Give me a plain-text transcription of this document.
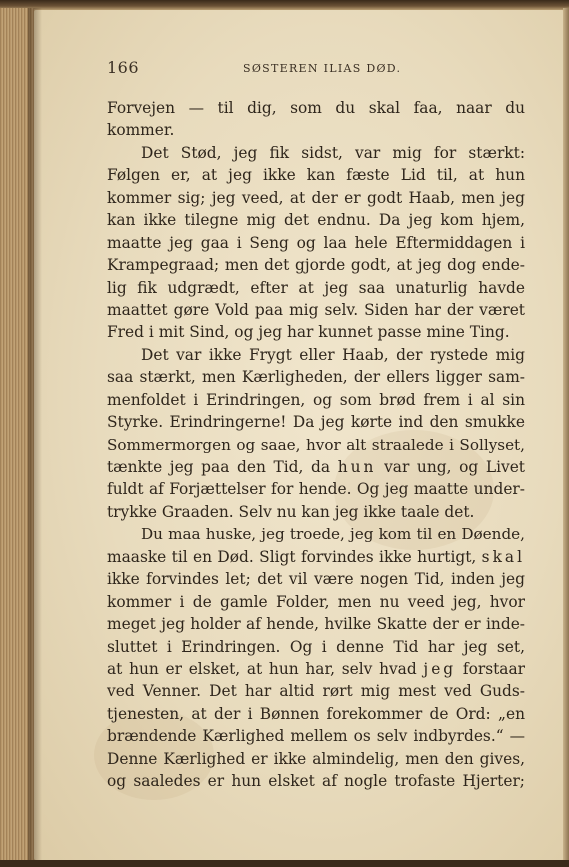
166	SØSTEREN ILIAS DØD.
Forvejen — til dig, som du skal faa, naar du
kommer.
Det Stød, jeg fik sidst, var mig for stærkt:
Følgen er, at jeg ikke kan fæste Lid til, at hun
kommer sig; jeg veed, at der er godt Haab, men jeg
kan ikke tilegne mig det endnu. Da jeg kom hjem,
maatte jeg gaa i Seng og laa hele Eftermiddagen i
Krampegraad; men det gjorde godt, at jeg dog ende-
lig fik udgrædt, efter at jeg saa unaturlig havde
maattet gøre Vold paa mig selv. Siden har der været
Fred i mit Sind, og jeg har kunnet passe mine Ting.
Det var ikke Frygt eller Haab, der rystede mig
saa stærkt, men Kærligheden, der ellers ligger sam-
menfoldet i Erindringen, og som brød frem i al sin
Styrke. Erindringerne! Da jeg kørte ind den smukke
Sommermorgen og saae, hvor alt straalede i Sollyset,
tænkte jeg paa den Tid, da hun var ung, og Livet
fuldt af Forjættelser for hende. Og jeg maatte under-
trykke Graaden. Selv nu kan jeg ikke taale det.
Du maa huske, jeg troede, jeg kom til en Døende,
maaske til en Død. Sligt forvindes ikke hurtigt, skal
ikke forvindes let; det vil være nogen Tid, inden jeg
kommer i de gamle Folder, men nu veed jeg, hvor
meget jeg holder af hende, hvilke Skatte der er inde-
sluttet i Erindringen. Og i denne Tid har jeg set,
at hun er elsket, at hun har, selv hvad jeg forstaar
ved Venner. Det har altid rørt mig mest ved Guds-
tjenesten, at der i Bønnen forekommer de Ord: „en
brændende Kærlighed mellem os selv indbyrdes.“ —
Denne Kærlighed er ikke almindelig, men den gives,
og saaledes er hun elsket af nogle trofaste Hjerter;
